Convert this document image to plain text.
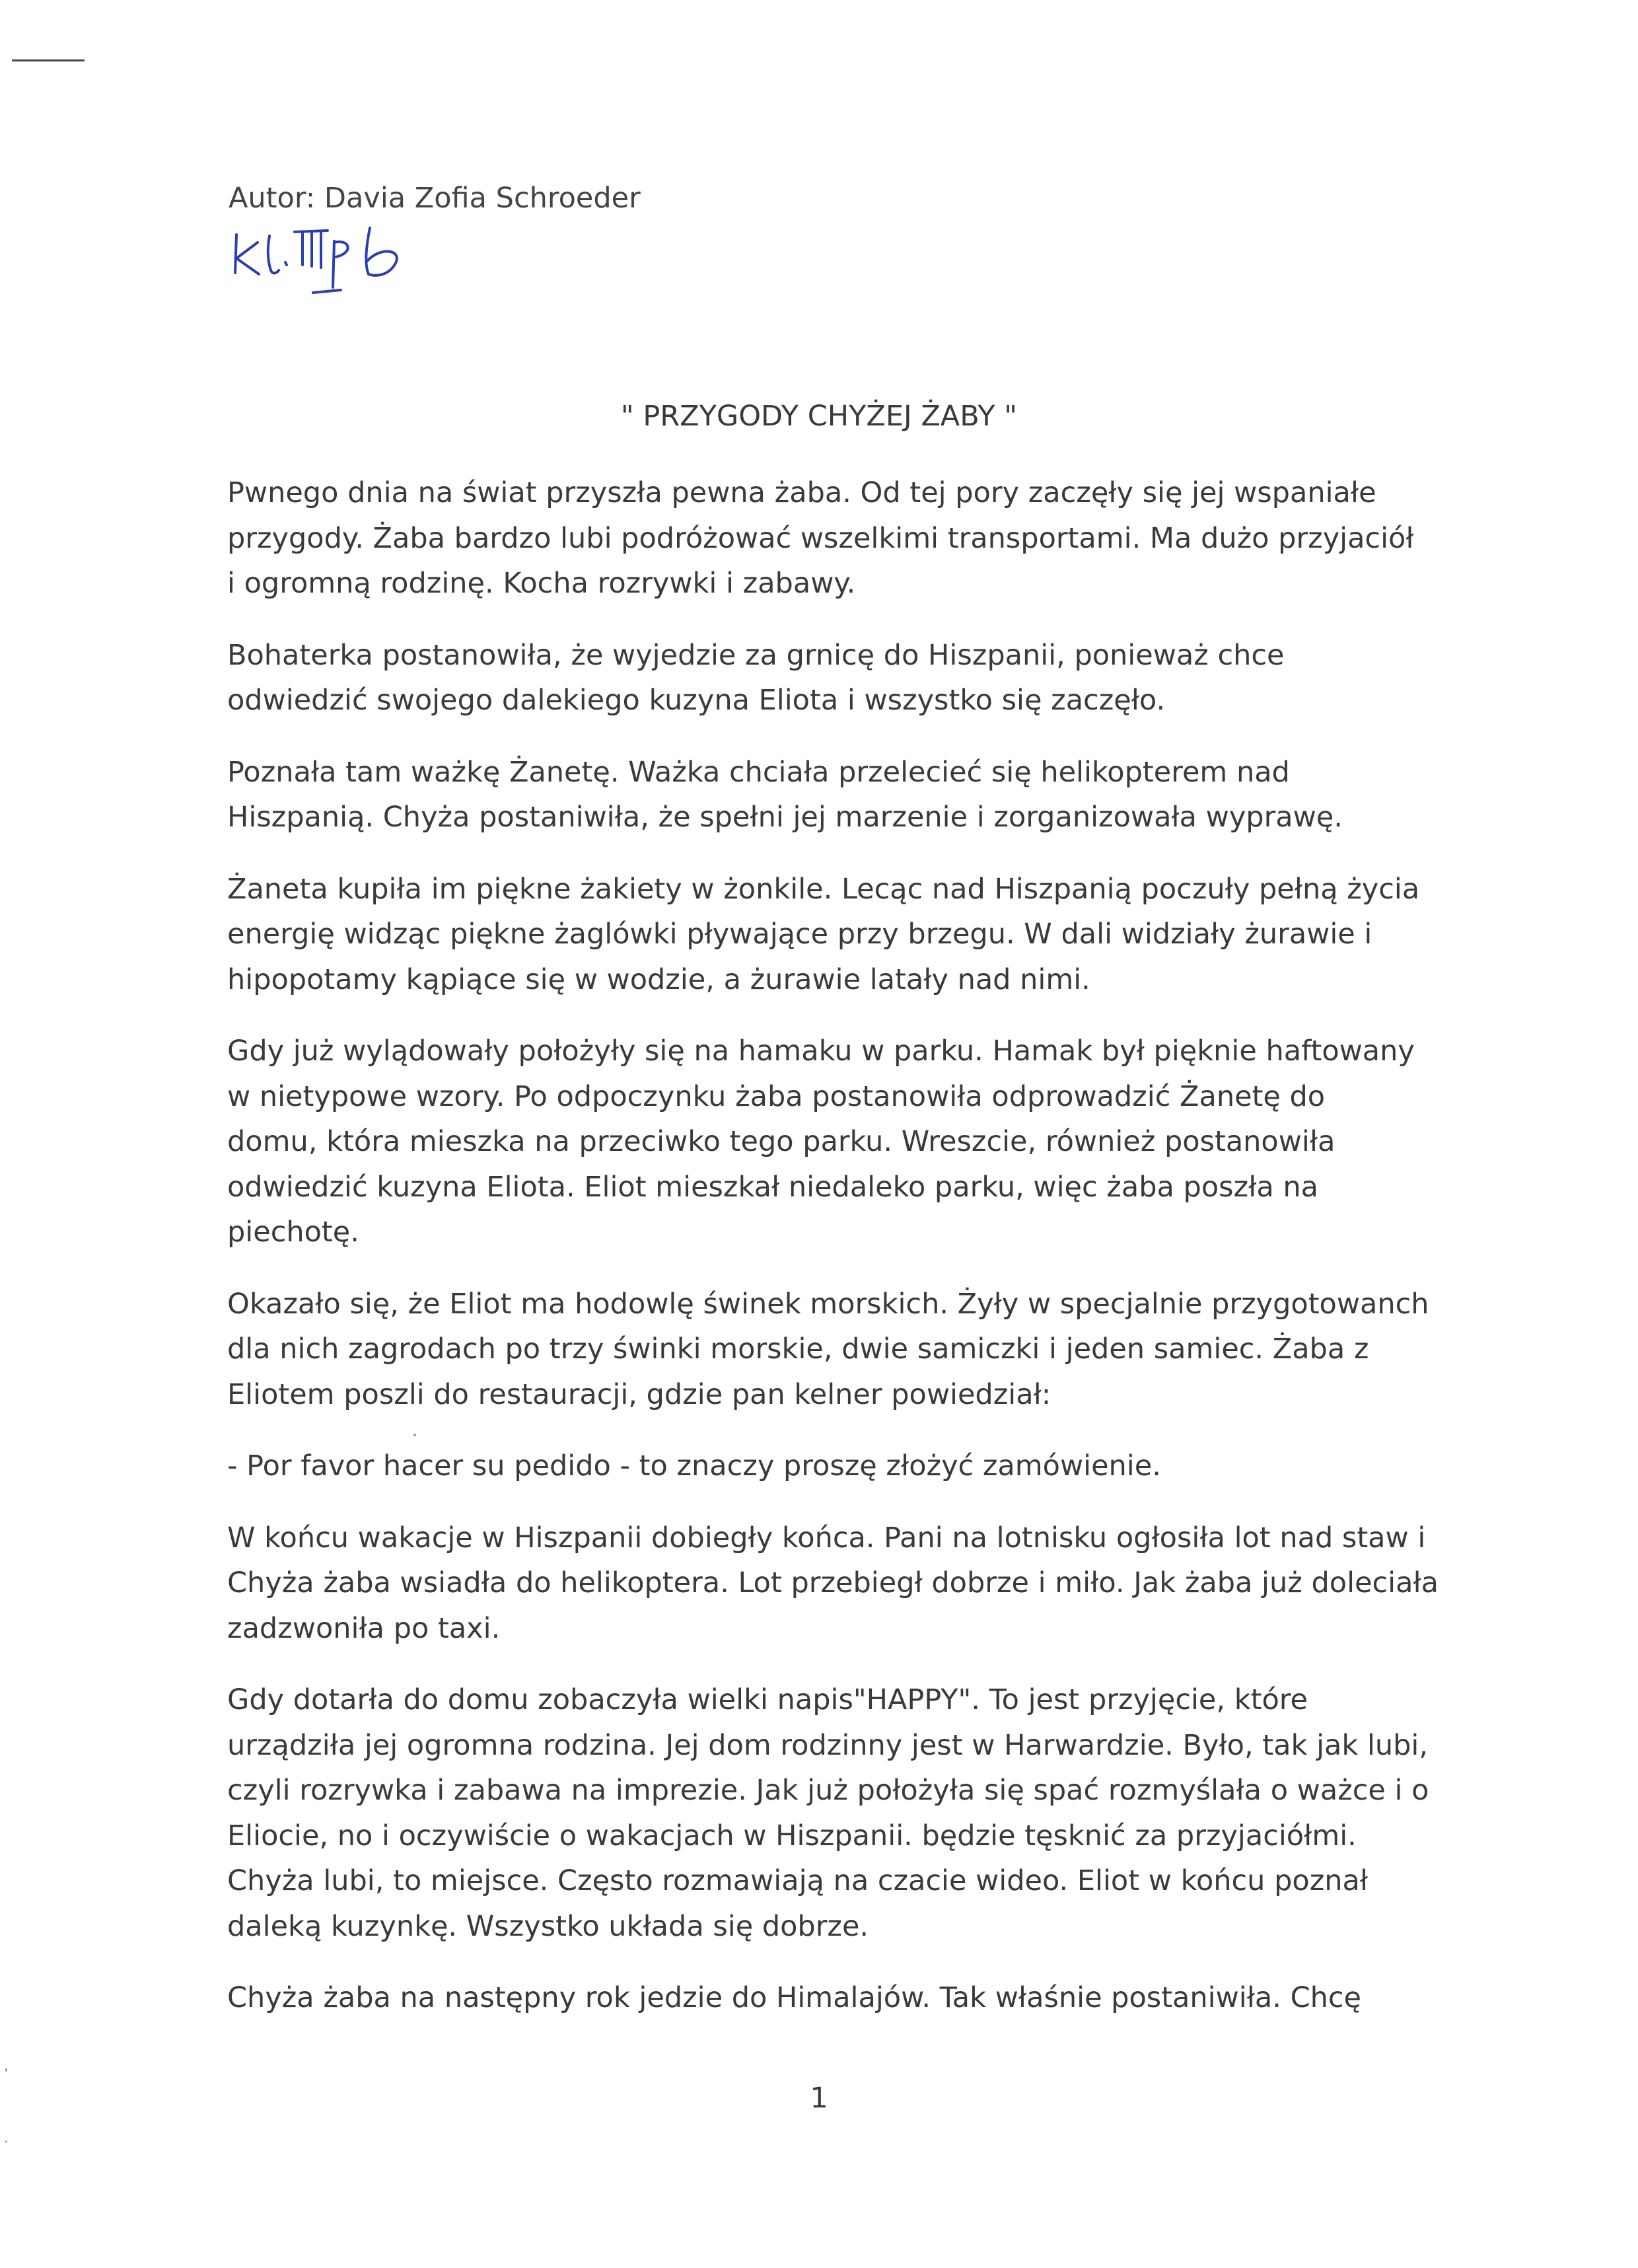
Autor: Davia Zofia Schroeder
" PRZYGODY CHYŻEJ ŻABY "

Pwnego dnia na świat przyszła pewna żaba. Od tej pory zaczęły się jej wspaniałe
przygody. Żaba bardzo lubi podróżować wszelkimi transportami. Ma dużo przyjaciół
i ogromną rodzinę. Kocha rozrywki i zabawy.

Bohaterka postanowiła, że wyjedzie za grnicę do Hiszpanii, ponieważ chce
odwiedzić swojego dalekiego kuzyna Eliota i wszystko się zaczęło.

Poznała tam ważkę Żanetę. Ważka chciała przelecieć się helikopterem nad
Hiszpanią. Chyża postaniwiła, że spełni jej marzenie i zorganizowała wyprawę.

Żaneta kupiła im piękne żakiety w żonkile. Lecąc nad Hiszpanią poczuły pełną życia
energię widząc piękne żaglówki pływające przy brzegu. W dali widziały żurawie i
hipopotamy kąpiące się w wodzie, a żurawie latały nad nimi.

Gdy już wylądowały położyły się na hamaku w parku. Hamak był pięknie haftowany
w nietypowe wzory. Po odpoczynku żaba postanowiła odprowadzić Żanetę do
domu, która mieszka na przeciwko tego parku. Wreszcie, również postanowiła
odwiedzić kuzyna Eliota. Eliot mieszkał niedaleko parku, więc żaba poszła na
piechotę.

Okazało się, że Eliot ma hodowlę świnek morskich. Żyły w specjalnie przygotowanch
dla nich zagrodach po trzy świnki morskie, dwie samiczki i jeden samiec. Żaba z
Eliotem poszli do restauracji, gdzie pan kelner powiedział:

- Por favor hacer su pedido - to znaczy proszę złożyć zamówienie.

W końcu wakacje w Hiszpanii dobiegły końca. Pani na lotnisku ogłosiła lot nad staw i
Chyża żaba wsiadła do helikoptera. Lot przebiegł dobrze i miło. Jak żaba już doleciała
zadzwoniła po taxi.

Gdy dotarła do domu zobaczyła wielki napis"HAPPY". To jest przyjęcie, które
urządziła jej ogromna rodzina. Jej dom rodzinny jest w Harwardzie. Było, tak jak lubi,
czyli rozrywka i zabawa na imprezie. Jak już położyła się spać rozmyślała o ważce i o
Eliocie, no i oczywiście o wakacjach w Hiszpanii. będzie tęsknić za przyjaciółmi.
Chyża lubi, to miejsce. Często rozmawiają na czacie wideo. Eliot w końcu poznał
daleką kuzynkę. Wszystko układa się dobrze.

Chyża żaba na następny rok jedzie do Himalajów. Tak właśnie postaniwiła. Chcę

1
